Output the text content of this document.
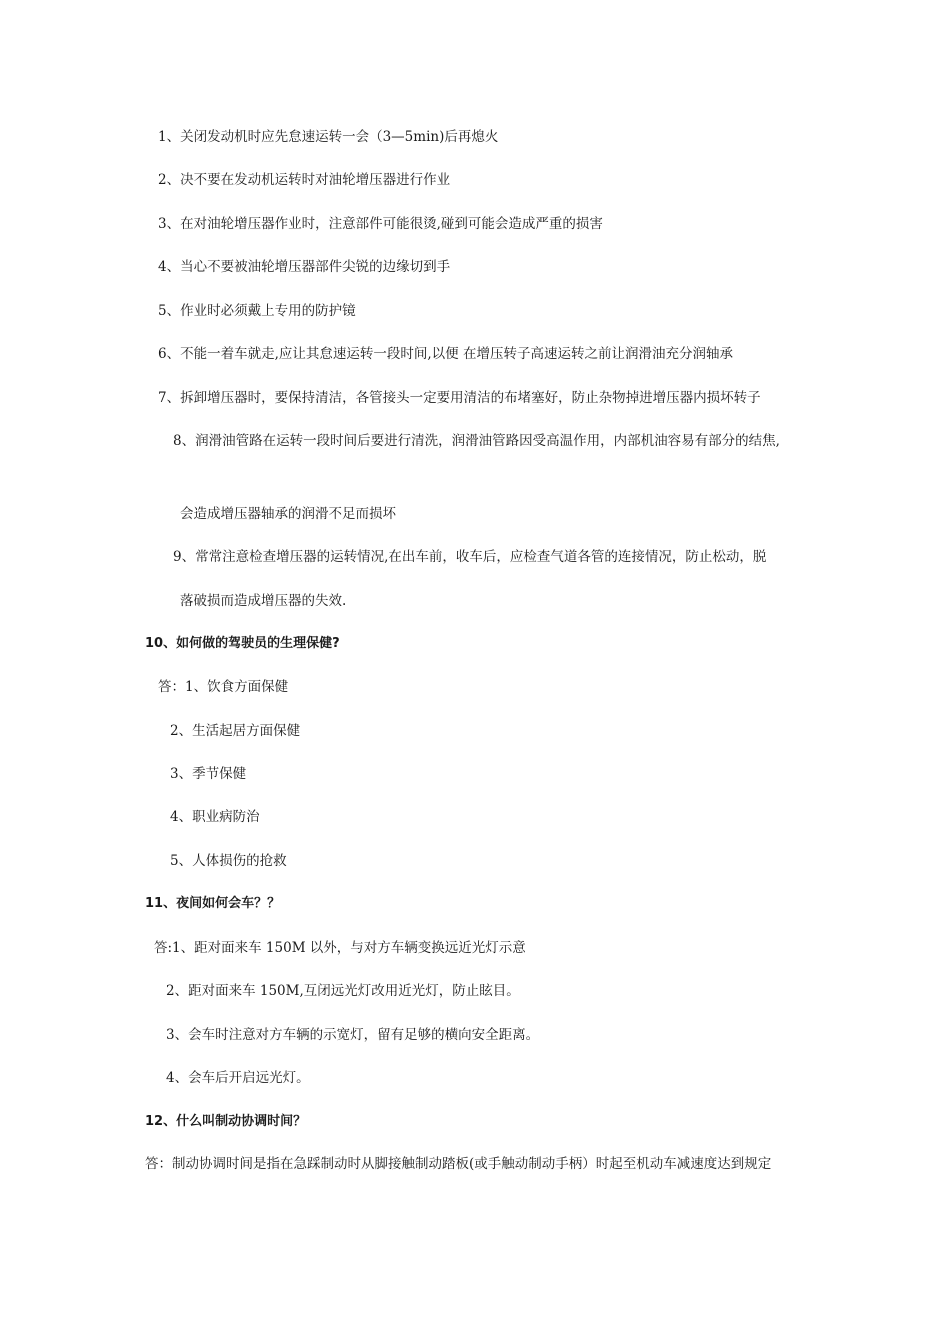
1、关闭发动机时应先怠速运转一会（3—5min)后再熄火
2、决不要在发动机运转时对油轮增压器进行作业
3、在对油轮增压器作业时，注意部件可能很烫,碰到可能会造成严重的损害
4、当心不要被油轮增压器部件尖锐的边缘切到手
5、作业时必须戴上专用的防护镜
6、不能一着车就走,应让其怠速运转一段时间,以便 在增压转子高速运转之前让润滑油充分润轴承
7、拆卸增压器时，要保持清洁，各管接头一定要用清洁的布堵塞好，防止杂物掉进增压器内损坏转子
8、润滑油管路在运转一段时间后要进行清洗，润滑油管路因受高温作用，内部机油容易有部分的结焦,
会造成增压器轴承的润滑不足而损坏
9、常常注意检查增压器的运转情况,在出车前，收车后，应检查气道各管的连接情况，防止松动，脱
落破损而造成增压器的失效.
10、如何做的驾驶员的生理保健?
答：1、饮食方面保健
2、生活起居方面保健
3、季节保健
4、职业病防治
5、人体损伤的抢救
11、夜间如何会车？？
答:1、距对面来车 150M 以外，与对方车辆变换远近光灯示意
2、距对面来车 150M,互闭远光灯改用近光灯，防止眩目。
3、会车时注意对方车辆的示宽灯，留有足够的横向安全距离。
4、会车后开启远光灯。
12、什么叫制动协调时间？
答：制动协调时间是指在急踩制动时从脚接触制动踏板(或手触动制动手柄）时起至机动车减速度达到规定
